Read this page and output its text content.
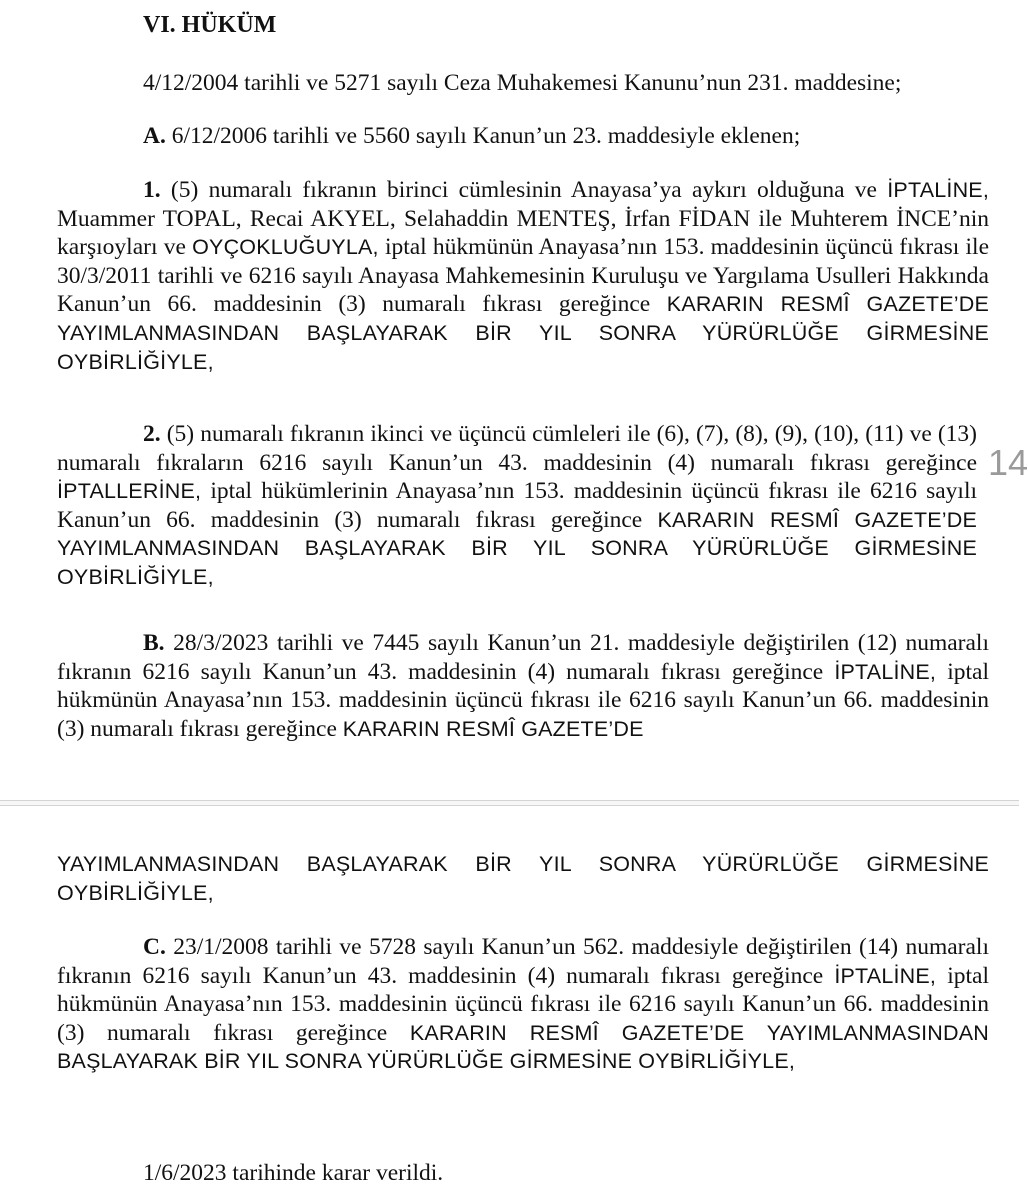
VI. HÜKÜM

4/12/2004 tarihli ve 5271 sayılı Ceza Muhakemesi Kanunu’nun 231. maddesine;

A. 6/12/2006 tarihli ve 5560 sayılı Kanun’un 23. maddesiyle eklenen;

1. (5) numaralı fıkranın birinci cümlesinin Anayasa’ya aykırı olduğuna ve İPTALİNE, Muammer TOPAL, Recai AKYEL, Selahaddin MENTEŞ, İrfan FİDAN ile Muhterem İNCE’nin karşıoyları ve OYÇOKLUĞUYLA, iptal hükmünün Anayasa’nın 153. maddesinin üçüncü fıkrası ile 30/3/2011 tarihli ve 6216 sayılı Anayasa Mahkemesinin Kuruluşu ve Yargılama Usulleri Hakkında Kanun’un 66. maddesinin (3) numaralı fıkrası gereğince KARARIN RESMÎ GAZETE’DE YAYIMLANMASINDAN BAŞLAYARAK BİR YIL SONRA YÜRÜRLÜĞE GİRMESİNE OYBİRLİĞİYLE,

2. (5) numaralı fıkranın ikinci ve üçüncü cümleleri ile (6), (7), (8), (9), (10), (11) ve (13) numaralı fıkraların 6216 sayılı Kanun’un 43. maddesinin (4) numaralı fıkrası gereğince İPTALLERİNE, iptal hükümlerinin Anayasa’nın 153. maddesinin üçüncü fıkrası ile 6216 sayılı Kanun’un 66. maddesinin (3) numaralı fıkrası gereğince KARARIN RESMÎ GAZETE’DE YAYIMLANMASINDAN BAŞLAYARAK BİR YIL SONRA YÜRÜRLÜĞE GİRMESİNE OYBİRLİĞİYLE,

B. 28/3/2023 tarihli ve 7445 sayılı Kanun’un 21. maddesiyle değiştirilen (12) numaralı fıkranın 6216 sayılı Kanun’un 43. maddesinin (4) numaralı fıkrası gereğince İPTALİNE, iptal hükmünün Anayasa’nın 153. maddesinin üçüncü fıkrası ile 6216 sayılı Kanun’un 66. maddesinin (3) numaralı fıkrası gereğince KARARIN RESMÎ GAZETE’DE

14

YAYIMLANMASINDAN BAŞLAYARAK BİR YIL SONRA YÜRÜRLÜĞE GİRMESİNE OYBİRLİĞİYLE,

C. 23/1/2008 tarihli ve 5728 sayılı Kanun’un 562. maddesiyle değiştirilen (14) numaralı fıkranın 6216 sayılı Kanun’un 43. maddesinin (4) numaralı fıkrası gereğince İPTALİNE, iptal hükmünün Anayasa’nın 153. maddesinin üçüncü fıkrası ile 6216 sayılı Kanun’un 66. maddesinin (3) numaralı fıkrası gereğince KARARIN RESMÎ GAZETE’DE YAYIMLANMASINDAN BAŞLAYARAK BİR YIL SONRA YÜRÜRLÜĞE GİRMESİNE OYBİRLİĞİYLE,

1/6/2023 tarihinde karar verildi.
